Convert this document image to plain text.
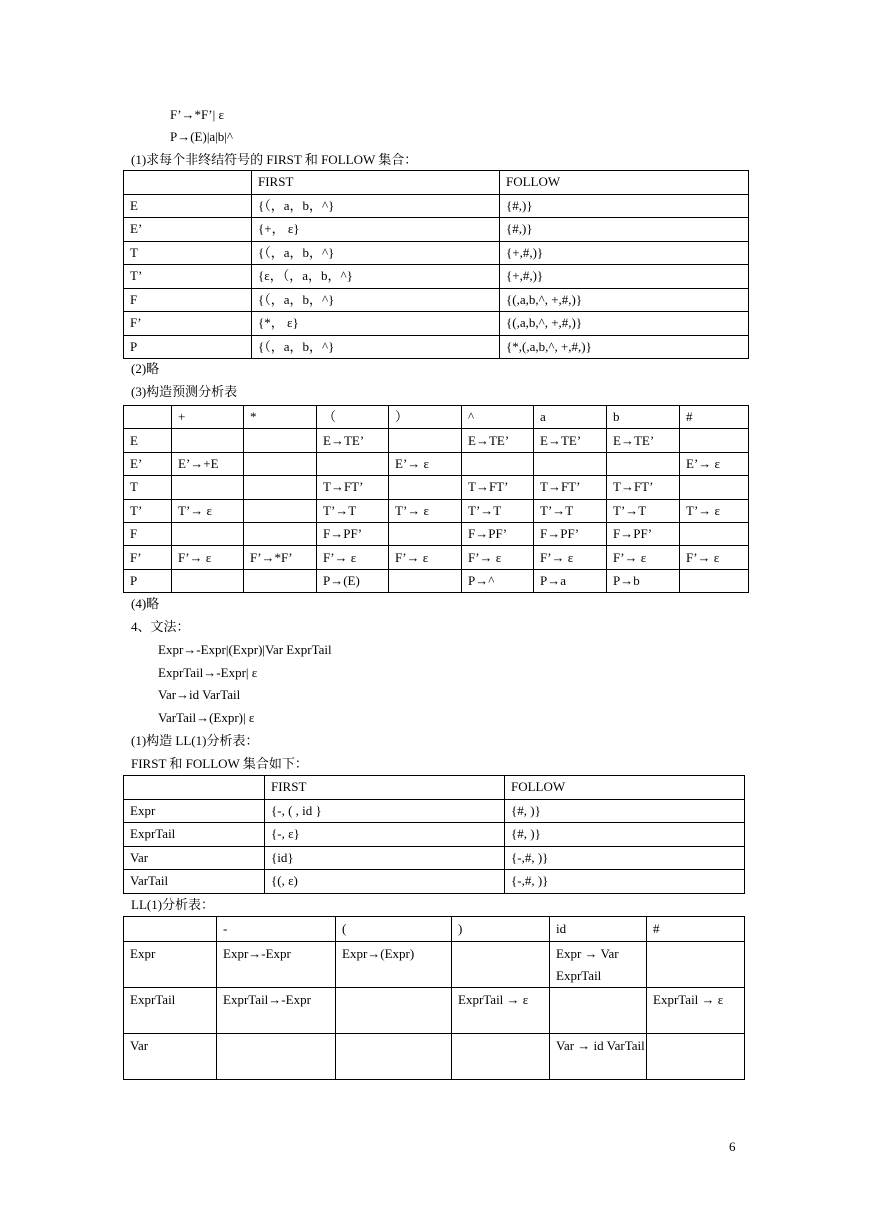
F’→*F’| ε
P→(E)|a|b|^
(1)求每个非终结符号的 FIRST 和 FOLLOW 集合：
	FIRST	FOLLOW
E	{（，a，b，^}	{#,)}
E’	{+， ε}	{#,)}
T	{（，a，b，^}	{+,#,)}
T’	{ε，（，a，b，^}	{+,#,)}
F	{（，a，b，^}	{(,a,b,^, +,#,)}
F’	{*， ε}	{(,a,b,^, +,#,)}
P	{（，a，b，^}	{*,(,a,b,^, +,#,)}
(2)略
(3)构造预测分析表
	+	*	（	）	^	a	b	#
E			E→TE’		E→TE’	E→TE’	E→TE’	
E’	E’→+E			E’→ ε				E’→ ε
T			T→FT’		T→FT’	T→FT’	T→FT’	
T’	T’→ ε		T’→T	T’→ ε	T’→T	T’→T	T’→T	T’→ ε
F			F→PF’		F→PF’	F→PF’	F→PF’	
F’	F’→ ε	F’→*F’	F’→ ε	F’→ ε	F’→ ε	F’→ ε	F’→ ε	F’→ ε
P			P→(E)		P→^	P→a	P→b	
(4)略
4、文法：
Expr→-Expr|(Expr)|Var ExprTail
ExprTail→-Expr| ε
Var→id VarTail
VarTail→(Expr)| ε
(1)构造 LL(1)分析表：
FIRST 和 FOLLOW 集合如下：
	FIRST	FOLLOW
Expr	{-, ( , id }	{#, )}
ExprTail	{-, ε}	{#, )}
Var	{id}	{-,#, )}
VarTail	{(, ε)	{-,#, )}
LL(1)分析表：
	-	(	)	id	#
Expr	Expr→-Expr	Expr→(Expr)		Expr → Var ExprTail	
ExprTail	ExprTail→-Expr		ExprTail → ε		ExprTail → ε
Var				Var → id VarTail	
6
